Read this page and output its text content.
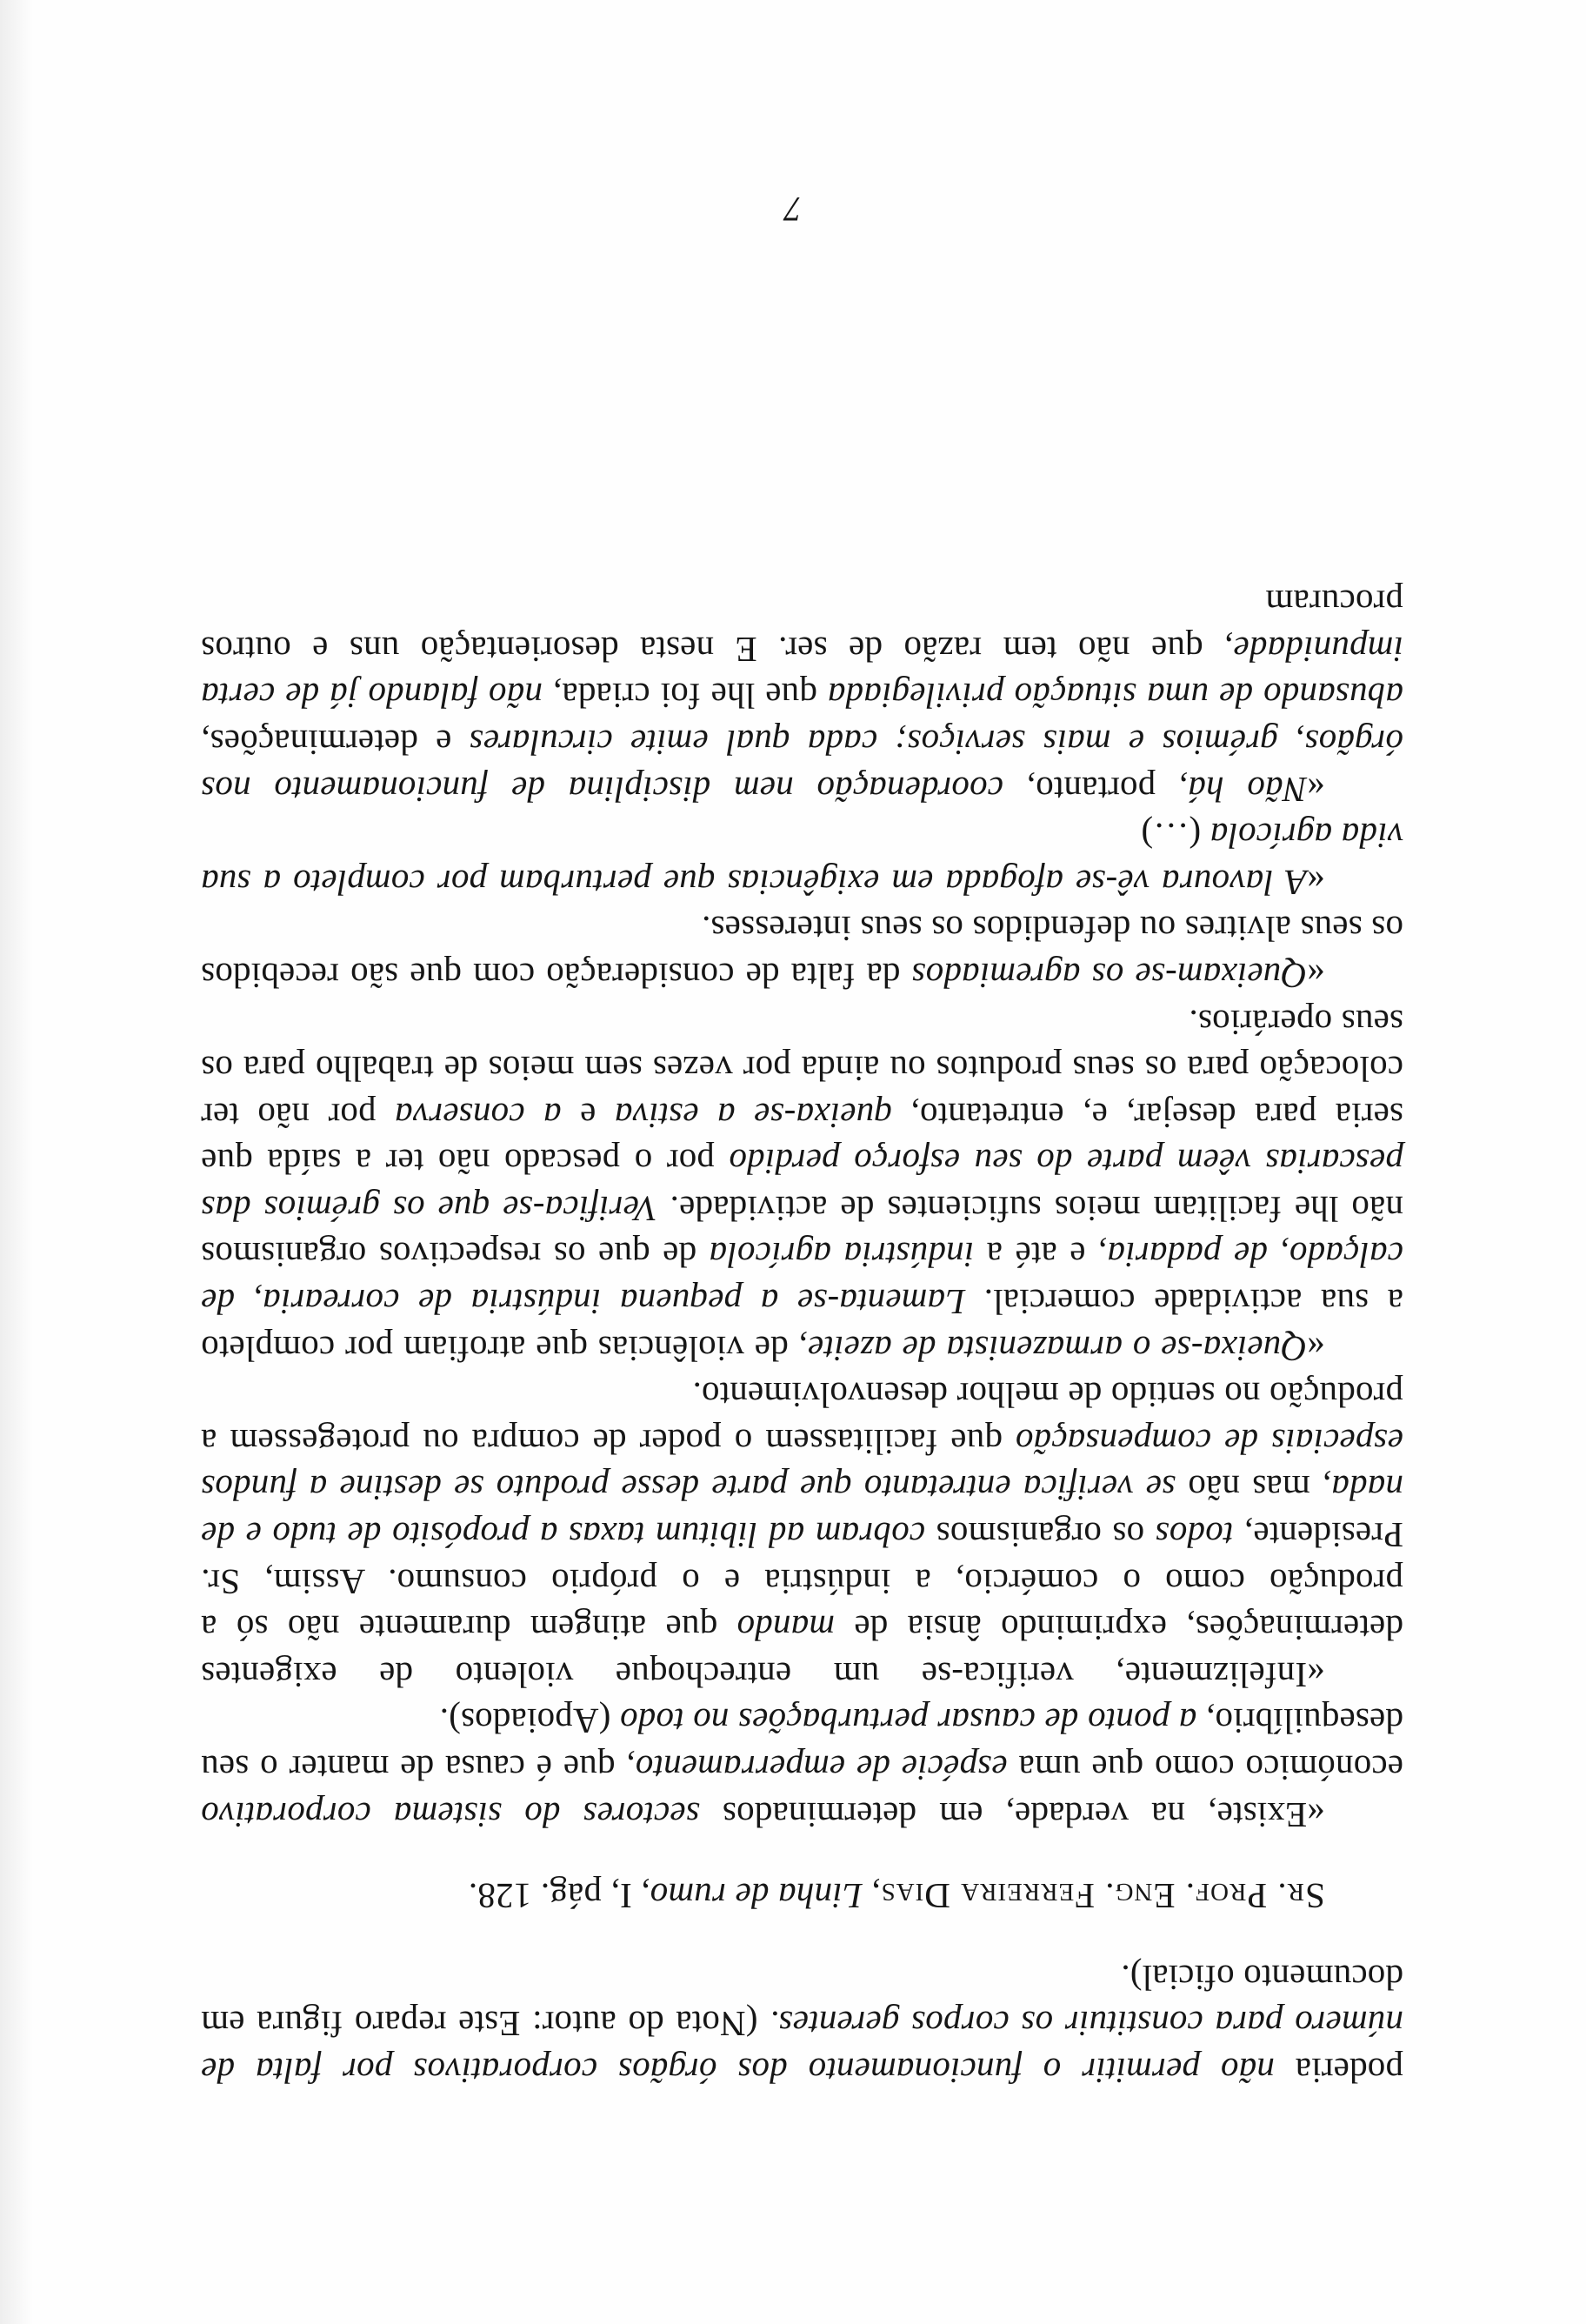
poderia não permitir o funcionamento dos órgãos corporativos por falta de número para constituir os corpos gerentes. (Nota do autor: Este reparo figura em documento oficial).

Sr. Prof. Eng. Ferreira Dias, Linha de rumo, I, pág. 128.

«Existe, na verdade, em determinados sectores do sistema corporativo económico como que uma espécie de emperramento, que é causa de manter o seu desequilíbrio, a ponto de causar perturbações no todo (Apoiados).

«Infelizmente, verifica-se um entrechoque violento de exigentes determinações, exprimindo ânsia de mando que atingem duramente não só a produção como o comércio, a indústria e o próprio consumo. Assim, Sr. Presidente, todos os organismos cobram ad libitum taxas a propósito de tudo e de nada, mas não se verifica entretanto que parte desse produto se destine a fundos especiais de compensação que facilitassem o poder de compra ou protegessem a produção no sentido de melhor desenvolvimento.

«Queixa-se o armazenista de azeite, de violências que atrofiam por completo a sua actividade comercial. Lamenta-se a pequena indústria de correaria, de calçado, de padaria, e até a indústria agrícola de que os respectivos organismos não lhe facilitam meios suficientes de actividade. Verifica-se que os grémios das pescarias vêem parte do seu esforço perdido por o pescado não ter a saída que seria para desejar, e, entretanto, queixa-se a estiva e a conserva por não ter colocação para os seus produtos ou ainda por vezes sem meios de trabalho para os seus operários.

«Queixam-se os agremiados da falta de consideração com que são recebidos os seus alvitres ou defendidos os seus interesses.

«A lavoura vê-se afogada em exigências que perturbam por completo a sua vida agrícola (…)

«Não há, portanto, coordenação nem disciplina de funcionamento nos órgãos, grémios e mais serviços; cada qual emite circulares e determinações, abusando de uma situação privilegiada que lhe foi criada, não falando já de certa impunidade, que não tem razão de ser. E nesta desorientação uns e outros procuram

7
